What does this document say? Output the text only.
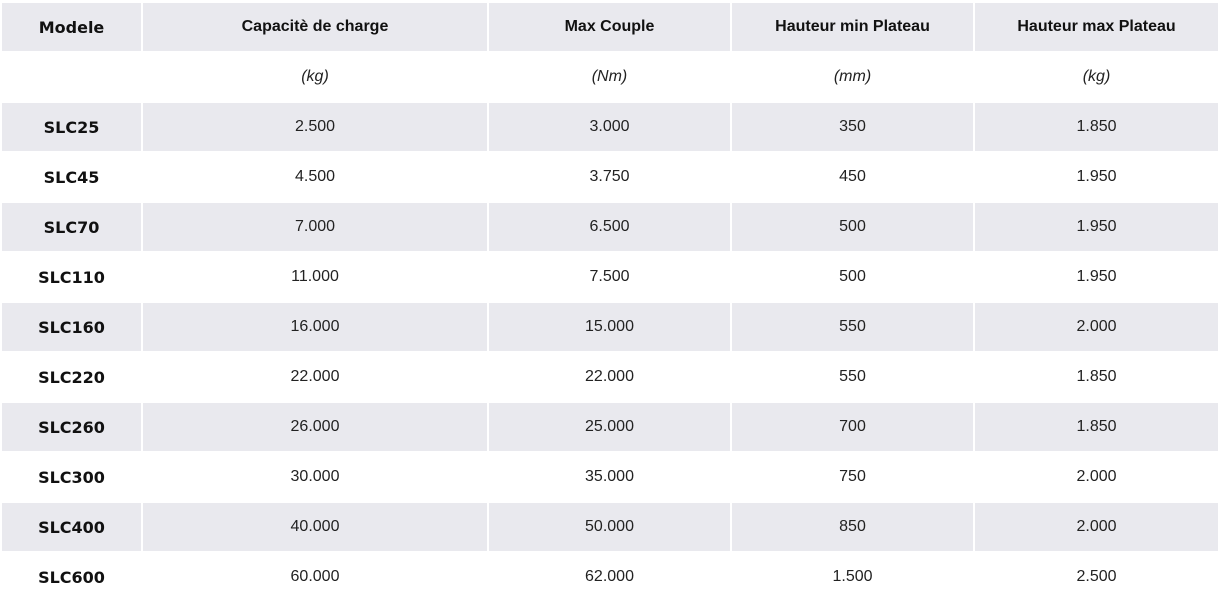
Modele	Capacitè de charge	Max Couple	Hauteur min Plateau	Hauteur max Plateau
	(kg)	(Nm)	(mm)	(kg)
SLC25	2.500	3.000	350	1.850
SLC45	4.500	3.750	450	1.950
SLC70	7.000	6.500	500	1.950
SLC110	11.000	7.500	500	1.950
SLC160	16.000	15.000	550	2.000
SLC220	22.000	22.000	550	1.850
SLC260	26.000	25.000	700	1.850
SLC300	30.000	35.000	750	2.000
SLC400	40.000	50.000	850	2.000
SLC600	60.000	62.000	1.500	2.500
